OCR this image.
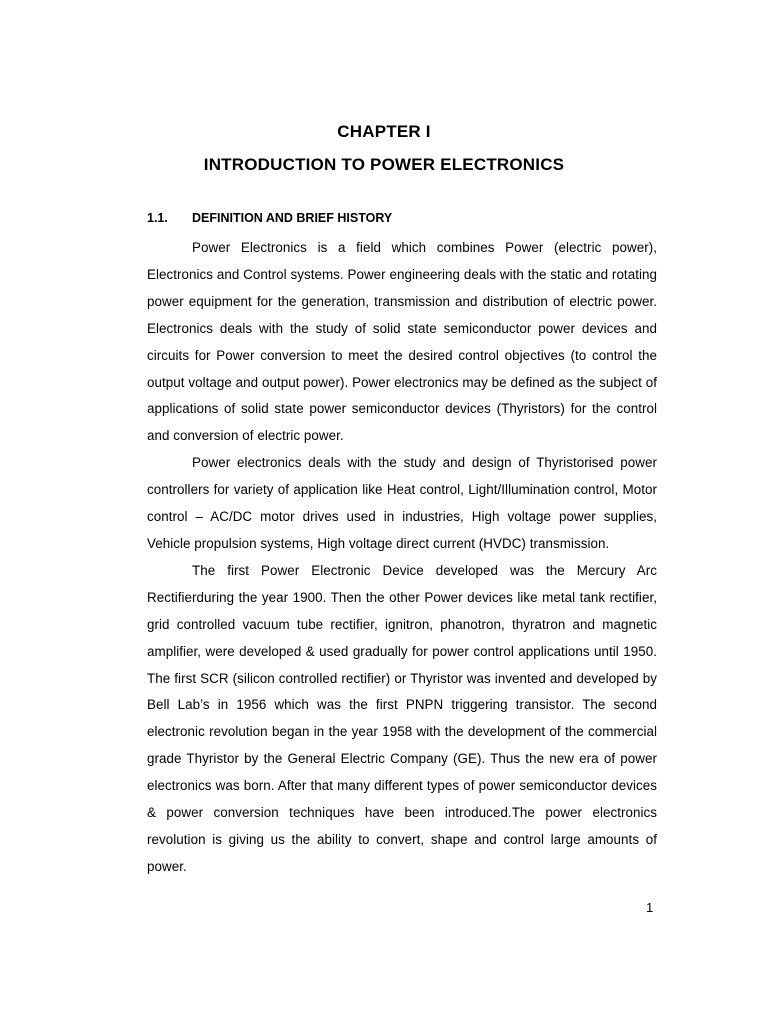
CHAPTER I
INTRODUCTION TO POWER ELECTRONICS
1.1. DEFINITION AND BRIEF HISTORY

Power Electronics is a field which combines Power (electric power), Electronics and Control systems. Power engineering deals with the static and rotating power equipment for the generation, transmission and distribution of electric power. Electronics deals with the study of solid state semiconductor power devices and circuits for Power conversion to meet the desired control objectives (to control the output voltage and output power). Power electronics may be defined as the subject of applications of solid state power semiconductor devices (Thyristors) for the control and conversion of electric power.

Power electronics deals with the study and design of Thyristorised power controllers for variety of application like Heat control, Light/Illumination control, Motor control – AC/DC motor drives used in industries, High voltage power supplies, Vehicle propulsion systems, High voltage direct current (HVDC) transmission.

The first Power Electronic Device developed was the Mercury Arc Rectifierduring the year 1900. Then the other Power devices like metal tank rectifier, grid controlled vacuum tube rectifier, ignitron, phanotron, thyratron and magnetic amplifier, were developed & used gradually for power control applications until 1950. The first SCR (silicon controlled rectifier) or Thyristor was invented and developed by Bell Lab’s in 1956 which was the first PNPN triggering transistor. The second electronic revolution began in the year 1958 with the development of the commercial grade Thyristor by the General Electric Company (GE). Thus the new era of power electronics was born. After that many different types of power semiconductor devices & power conversion techniques have been introduced.The power electronics revolution is giving us the ability to convert, shape and control large amounts of power.

1
